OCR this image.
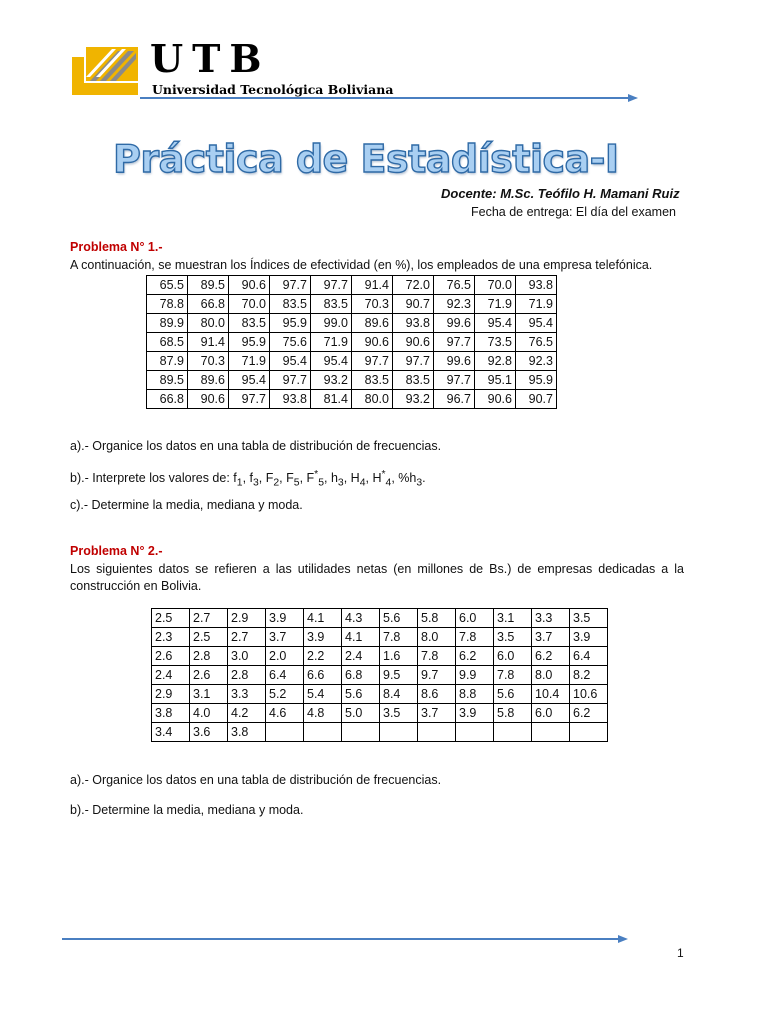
UTB
Universidad Tecnológica Boliviana
Práctica de Estadística-I
Docente: M.Sc. Teófilo H. Mamani Ruiz
Fecha de entrega: El día del examen
Problema N° 1.-
A continuación, se muestran los Índices de efectividad (en %), los empleados de una empresa telefónica.
65.5	89.5	90.6	97.7	97.7	91.4	72.0	76.5	70.0	93.8
78.8	66.8	70.0	83.5	83.5	70.3	90.7	92.3	71.9	71.9
89.9	80.0	83.5	95.9	99.0	89.6	93.8	99.6	95.4	95.4
68.5	91.4	95.9	75.6	71.9	90.6	90.6	97.7	73.5	76.5
87.9	70.3	71.9	95.4	95.4	97.7	97.7	99.6	92.8	92.3
89.5	89.6	95.4	97.7	93.2	83.5	83.5	97.7	95.1	95.9
66.8	90.6	97.7	93.8	81.4	80.0	93.2	96.7	90.6	90.7
a).- Organice los datos en una tabla de distribución de frecuencias.
b).- Interprete los valores de: $f_1$, $f_3$, $F_2$, $F_5$, $F^*_5$, $h_3$, $H_4$, $H^*_4$, $\%h_3$.
c).- Determine la media, mediana y moda.
Problema N° 2.-
Los siguientes datos se refieren a las utilidades netas (en millones de Bs.) de empresas dedicadas a la construcción en Bolivia.
2.5	2.7	2.9	3.9	4.1	4.3	5.6	5.8	6.0	3.1	3.3	3.5
2.3	2.5	2.7	3.7	3.9	4.1	7.8	8.0	7.8	3.5	3.7	3.9
2.6	2.8	3.0	2.0	2.2	2.4	1.6	7.8	6.2	6.0	6.2	6.4
2.4	2.6	2.8	6.4	6.6	6.8	9.5	9.7	9.9	7.8	8.0	8.2
2.9	3.1	3.3	5.2	5.4	5.6	8.4	8.6	8.8	5.6	10.4	10.6
3.8	4.0	4.2	4.6	4.8	5.0	3.5	3.7	3.9	5.8	6.0	6.2
3.4	3.6	3.8									
a).- Organice los datos en una tabla de distribución de frecuencias.
b).- Determine la media, mediana y moda.
1
